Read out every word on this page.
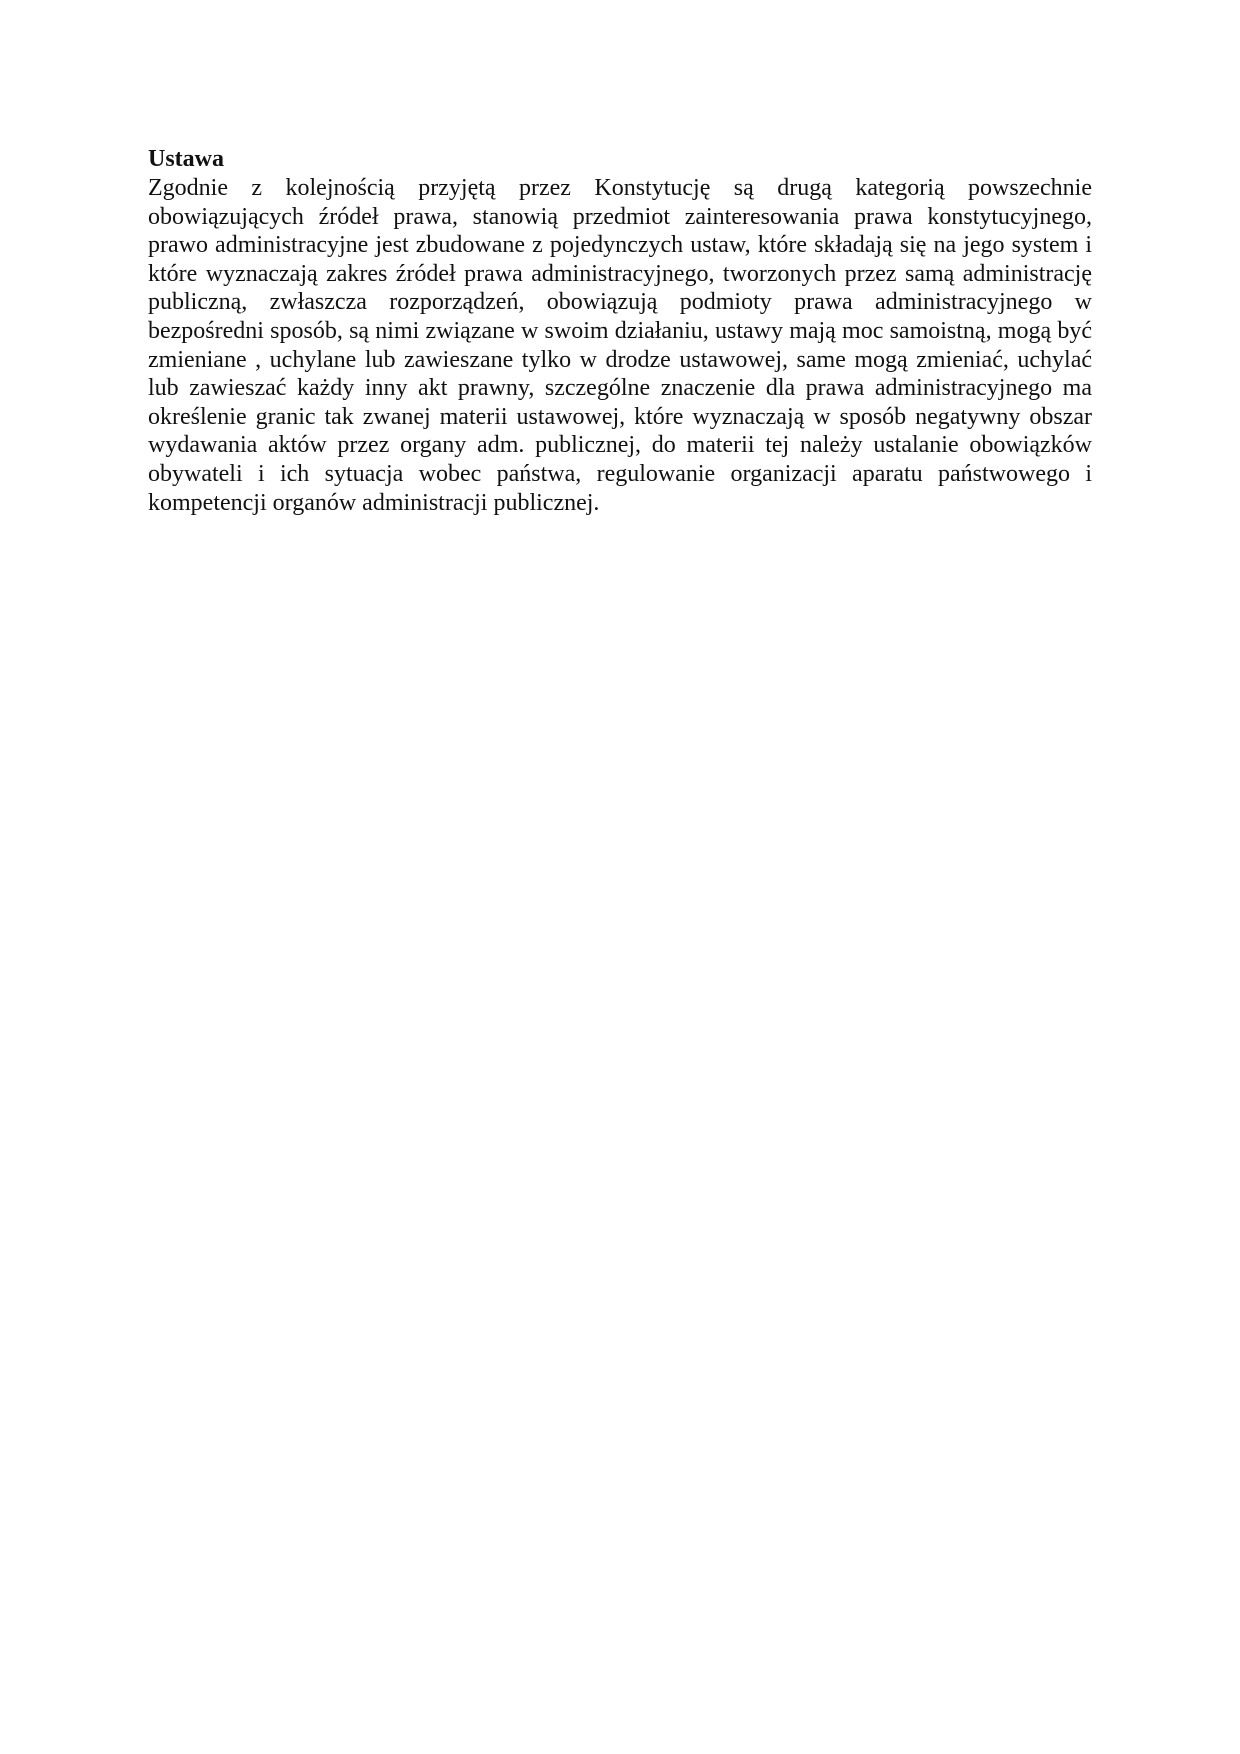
Ustawa

Zgodnie z kolejnością przyjętą przez Konstytucję są drugą kategorią powszechnie obowiązujących źródeł prawa, stanowią przedmiot zainteresowania prawa konstytucyjnego, prawo administracyjne jest zbudowane z pojedynczych ustaw, które składają się na jego system i które wyznaczają zakres źródeł prawa administracyjnego, tworzonych przez samą administrację publiczną, zwłaszcza rozporządzeń, obowiązują podmioty prawa administracyjnego w bezpośredni sposób, są nimi związane w swoim działaniu, ustawy mają moc samoistną, mogą być zmieniane , uchylane lub zawieszane tylko w drodze ustawowej, same mogą zmieniać, uchylać lub zawieszać każdy inny akt prawny, szczególne znaczenie dla prawa administracyjnego ma określenie granic tak zwanej materii ustawowej, które wyznaczają w sposób negatywny obszar wydawania aktów przez organy adm. publicznej, do materii tej należy ustalanie obowiązków obywateli i ich sytuacja wobec państwa, regulowanie organizacji aparatu państwowego i kompetencji organów administracji publicznej.
